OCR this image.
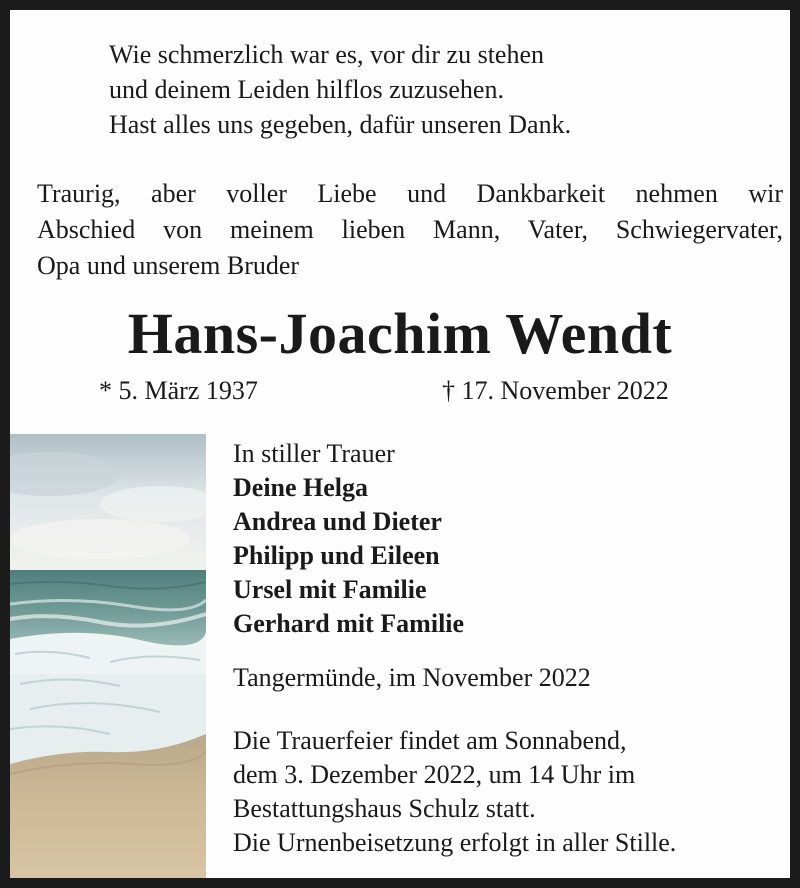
Wie schmerzlich war es, vor dir zu stehen
und deinem Leiden hilflos zuzusehen.
Hast alles uns gegeben, dafür unseren Dank.
Traurig, aber voller Liebe und Dankbarkeit nehmen wir
Abschied von meinem lieben Mann, Vater, Schwiegervater,
Opa und unserem Bruder
Hans-Joachim Wendt
* 5. März 1937	† 17. November 2022
In stiller Trauer
Deine Helga
Andrea und Dieter
Philipp und Eileen
Ursel mit Familie
Gerhard mit Familie
Tangermünde, im November 2022
Die Trauerfeier findet am Sonnabend,
dem 3. Dezember 2022, um 14 Uhr im
Bestattungshaus Schulz statt.
Die Urnenbeisetzung erfolgt in aller Stille.
